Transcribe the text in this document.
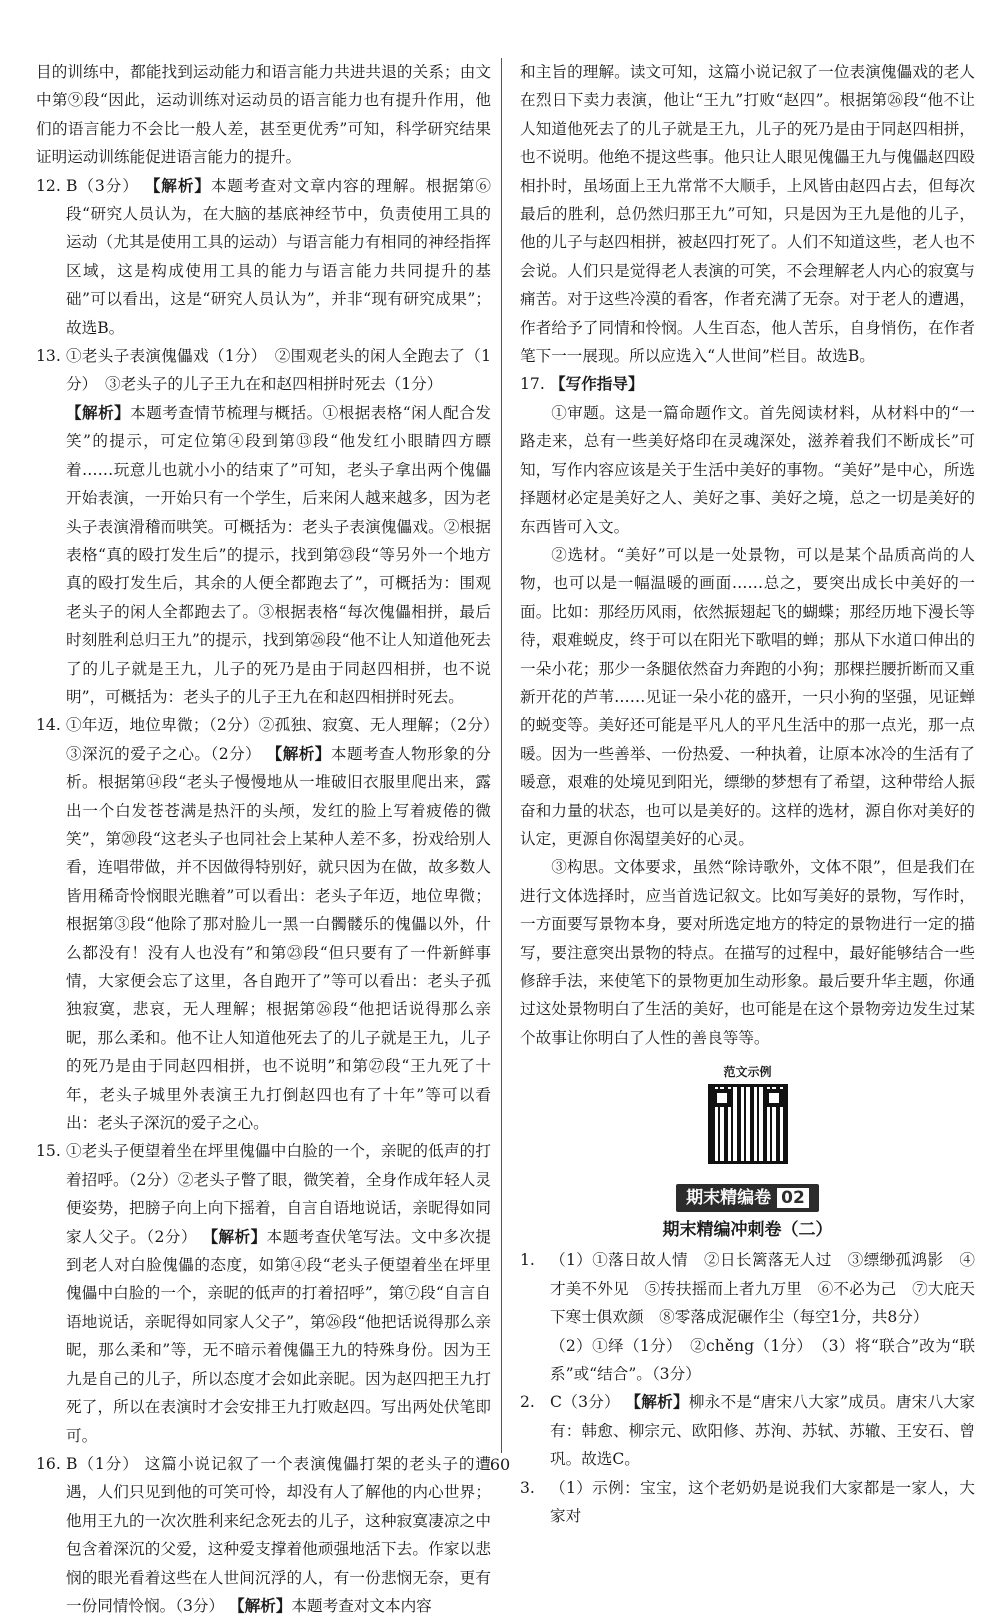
目的训练中，都能找到运动能力和语言能力共进共退的关系；由文中第⑨段“因此，运动训练对运动员的语言能力也有提升作用，他们的语言能力不会比一般人差，甚至更优秀”可知，科学研究结果证明运动训练能促进语言能力的提升。

12. B（3分） 【解析】本题考查对文章内容的理解。根据第⑥段“研究人员认为，在大脑的基底神经节中，负责使用工具的运动（尤其是使用工具的运动）与语言能力有相同的神经指挥区域，这是构成使用工具的能力与语言能力共同提升的基础”可以看出，这是“研究人员认为”，并非“现有研究成果”；故选B。
13. ①老头子表演傀儡戏（1分）　②围观老头的闲人全跑去了（1分）　③老头子的儿子王九在和赵四相拼时死去（1分）
【解析】本题考查情节梳理与概括。①根据表格“闲人配合发笑”的提示，可定位第④段到第⑬段“他发红小眼睛四方瞟着……玩意儿也就小小的结束了”可知，老头子拿出两个傀儡开始表演，一开始只有一个学生，后来闲人越来越多，因为老头子表演滑稽而哄笑。可概括为：老头子表演傀儡戏。②根据表格“真的殴打发生后”的提示，找到第㉓段“等另外一个地方真的殴打发生后，其余的人便全都跑去了”，可概括为：围观老头子的闲人全都跑去了。③根据表格“每次傀儡相拼，最后时刻胜利总归王九”的提示，找到第㉖段“他不让人知道他死去了的儿子就是王九，儿子的死乃是由于同赵四相拼，也不说明”，可概括为：老头子的儿子王九在和赵四相拼时死去。
14. ①年迈，地位卑微；（2分）②孤独、寂寞、无人理解；（2分）③深沉的爱子之心。（2分） 【解析】本题考查人物形象的分析。根据第⑭段“老头子慢慢地从一堆破旧衣服里爬出来，露出一个白发苍苍满是热汗的头颅，发红的脸上写着疲倦的微笑”，第⑳段“这老头子也同社会上某种人差不多，扮戏给别人看，连唱带做，并不因做得特别好，就只因为在做，故多数人皆用稀奇怜悯眼光瞧着”可以看出：老头子年迈，地位卑微；根据第③段“他除了那对脸儿一黑一白髑髅乐的傀儡以外，什么都没有！没有人也没有”和第㉓段“但只要有了一件新鲜事情，大家便会忘了这里，各自跑开了”等可以看出：老头子孤独寂寞，悲哀，无人理解；根据第㉖段“他把话说得那么亲昵，那么柔和。他不让人知道他死去了的儿子就是王九，儿子的死乃是由于同赵四相拼，也不说明”和第㉗段“王九死了十年，老头子城里外表演王九打倒赵四也有了十年”等可以看出：老头子深沉的爱子之心。
15. ①老头子便望着坐在坪里傀儡中白脸的一个，亲昵的低声的打着招呼。（2分）②老头子瞥了眼，微笑着，全身作成年轻人灵便姿势，把膀子向上向下摇着，自言自语地说话，亲昵得如同家人父子。（2分） 【解析】本题考查伏笔写法。文中多次提到老人对白脸傀儡的态度，如第④段“老头子便望着坐在坪里傀儡中白脸的一个，亲昵的低声的打着招呼”，第⑦段“自言自语地说话，亲昵得如同家人父子”，第㉖段“他把话说得那么亲昵，那么柔和”等，无不暗示着傀儡王九的特殊身份。因为王九是自己的儿子，所以态度才会如此亲昵。因为赵四把王九打死了，所以在表演时才会安排王九打败赵四。写出两处伏笔即可。
16. B（1分） 这篇小说记叙了一个表演傀儡打架的老头子的遭遇，人们只见到他的可笑可怜，却没有人了解他的内心世界；他用王九的一次次胜利来纪念死去的儿子，这种寂寞凄凉之中包含着深沉的父爱，这种爱支撑着他顽强地活下去。作家以悲悯的眼光看着这些在人世间沉浮的人，有一份悲悯无奈，更有一份同情怜悯。（3分） 【解析】本题考查对文本内容

和主旨的理解。读文可知，这篇小说记叙了一位表演傀儡戏的老人在烈日下卖力表演，他让“王九”打败“赵四”。根据第㉖段“他不让人知道他死去了的儿子就是王九，儿子的死乃是由于同赵四相拼，也不说明。他绝不提这些事。他只让人眼见傀儡王九与傀儡赵四殴相扑时，虽场面上王九常常不大顺手，上风皆由赵四占去，但每次最后的胜利，总仍然归那王九”可知，只是因为王九是他的儿子，他的儿子与赵四相拼，被赵四打死了。人们不知道这些，老人也不会说。人们只是觉得老人表演的可笑，不会理解老人内心的寂寞与痛苦。对于这些冷漠的看客，作者充满了无奈。对于老人的遭遇，作者给予了同情和怜悯。人生百态，他人苦乐，自身悄伤，在作者笔下一一展现。所以应选入“人世间”栏目。故选B。

17. 【写作指导】

①审题。这是一篇命题作文。首先阅读材料，从材料中的“一路走来，总有一些美好烙印在灵魂深处，滋养着我们不断成长”可知，写作内容应该是关于生活中美好的事物。“美好”是中心，所选择题材必定是美好之人、美好之事、美好之境，总之一切是美好的东西皆可入文。

②选材。“美好”可以是一处景物，可以是某个品质高尚的人物，也可以是一幅温暖的画面……总之，要突出成长中美好的一面。比如：那经历风雨，依然振翅起飞的蝴蝶；那经历地下漫长等待，艰难蜕皮，终于可以在阳光下歌唱的蝉；那从下水道口伸出的一朵小花；那少一条腿依然奋力奔跑的小狗；那棵拦腰折断而又重新开花的芦苇……见证一朵小花的盛开，一只小狗的坚强，见证蝉的蜕变等。美好还可能是平凡人的平凡生活中的那一点光，那一点暖。因为一些善举、一份热爱、一种执着，让原本冰冷的生活有了暖意，艰难的处境见到阳光，缥缈的梦想有了希望，这种带给人振奋和力量的状态，也可以是美好的。这样的选材，源自你对美好的认定，更源自你渴望美好的心灵。

③构思。文体要求，虽然“除诗歌外，文体不限”，但是我们在进行文体选择时，应当首选记叙文。比如写美好的景物，写作时，一方面要写景物本身，要对所选定地方的特定的景物进行一定的描写，要注意突出景物的特点。在描写的过程中，最好能够结合一些修辞手法，来使笔下的景物更加生动形象。最后要升华主题，你通过这处景物明白了生活的美好，也可能是在这个景物旁边发生过某个故事让你明白了人性的善良等等。

范文示例
期末精编卷 02
期末精编冲刺卷（二）
1. （1）①落日故人情　②日长篱落无人过　③缥缈孤鸿影　④才美不外见　⑤抟扶摇而上者九万里　⑥不必为己　⑦大庇天下寒士俱欢颜　⑧零落成泥碾作尘（每空1分，共8分）
（2）①绎（1分）　②chěng（1分）　（3）将“联合”改为“联系”或“结合”。（3分）
2. C（3分） 【解析】柳永不是“唐宋八大家”成员。唐宋八大家有：韩愈、柳宗元、欧阳修、苏洵、苏轼、苏辙、王安石、曾巩。故选C。
3. （1）示例：宝宝，这个老奶奶是说我们大家都是一家人，大家对
60
